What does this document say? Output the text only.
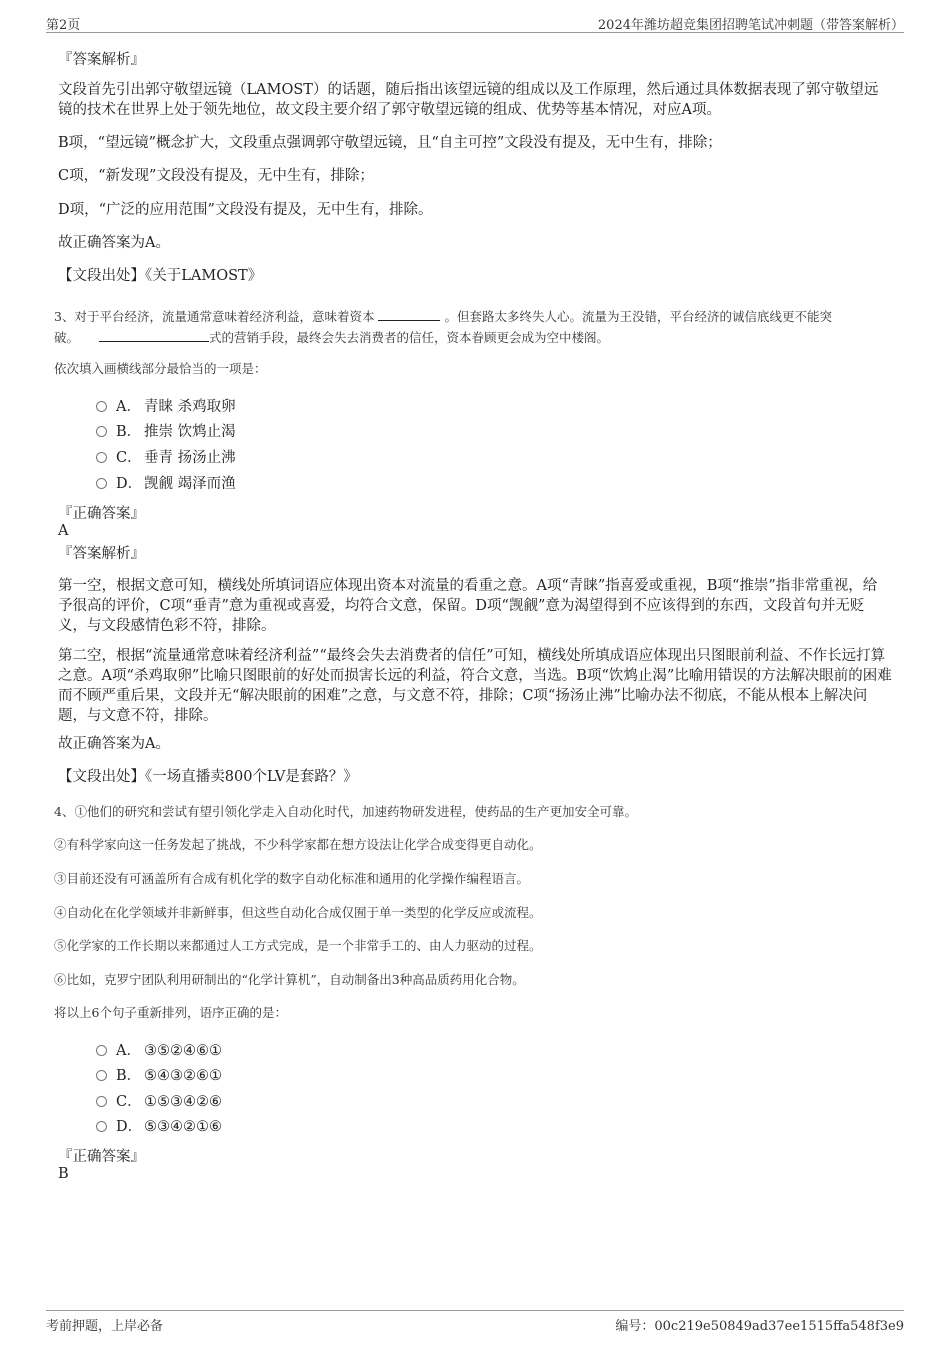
第2页	2024年潍坊超竞集团招聘笔试冲刺题（带答案解析）
『答案解析』
文段首先引出郭守敬望远镜（LAMOST）的话题，随后指出该望远镜的组成以及工作原理，然后通过具体数据表现了郭守敬望远镜的技术在世界上处于领先地位，故文段主要介绍了郭守敬望远镜的组成、优势等基本情况，对应A项。
B项，“望远镜”概念扩大，文段重点强调郭守敬望远镜，且“自主可控”文段没有提及，无中生有，排除；
C项，“新发现”文段没有提及，无中生有，排除；
D项，“广泛的应用范围”文段没有提及，无中生有，排除。
故正确答案为A。
【文段出处】《关于LAMOST》
3、对于平台经济，流量通常意味着经济利益，意味着资本	。但套路太多终失人心。流量为王没错，平台经济的诚信底线更不能突
破。	式的营销手段，最终会失去消费者的信任，资本眷顾更会成为空中楼阁。
依次填入画横线部分最恰当的一项是：
A． 青睐 杀鸡取卵
B． 推崇 饮鸩止渴
C． 垂青 扬汤止沸
D． 觊觎 竭泽而渔
『正确答案』
A
『答案解析』
第一空，根据文意可知，横线处所填词语应体现出资本对流量的看重之意。A项“青睐”指喜爱或重视，B项“推崇”指非常重视，给予很高的评价，C项“垂青”意为重视或喜爱，均符合文意，保留。D项“觊觎”意为渴望得到不应该得到的东西，文段首句并无贬义，与文段感情色彩不符，排除。
第二空，根据“流量通常意味着经济利益”“最终会失去消费者的信任”可知，横线处所填成语应体现出只图眼前利益、不作长远打算之意。A项“杀鸡取卵”比喻只图眼前的好处而损害长远的利益，符合文意，当选。B项“饮鸩止渴”比喻用错误的方法解决眼前的困难而不顾严重后果，文段并无“解决眼前的困难”之意，与文意不符，排除；C项“扬汤止沸”比喻办法不彻底，不能从根本上解决问题，与文意不符，排除。
故正确答案为A。
【文段出处】《一场直播卖800个LV是套路？》
4、①他们的研究和尝试有望引领化学走入自动化时代，加速药物研发进程，使药品的生产更加安全可靠。
②有科学家向这一任务发起了挑战，不少科学家都在想方设法让化学合成变得更自动化。
③目前还没有可涵盖所有合成有机化学的数字自动化标准和通用的化学操作编程语言。
④自动化在化学领域并非新鲜事，但这些自动化合成仅囿于单一类型的化学反应或流程。
⑤化学家的工作长期以来都通过人工方式完成，是一个非常手工的、由人力驱动的过程。
⑥比如，克罗宁团队利用研制出的“化学计算机”，自动制备出3种高品质药用化合物。
将以上6个句子重新排列，语序正确的是：
A． ③⑤②④⑥①
B． ⑤④③②⑥①
C． ①⑤③④②⑥
D． ⑤③④②①⑥
『正确答案』
B
考前押题，上岸必备	编号：00c219e50849ad37ee1515ffa548f3e9
